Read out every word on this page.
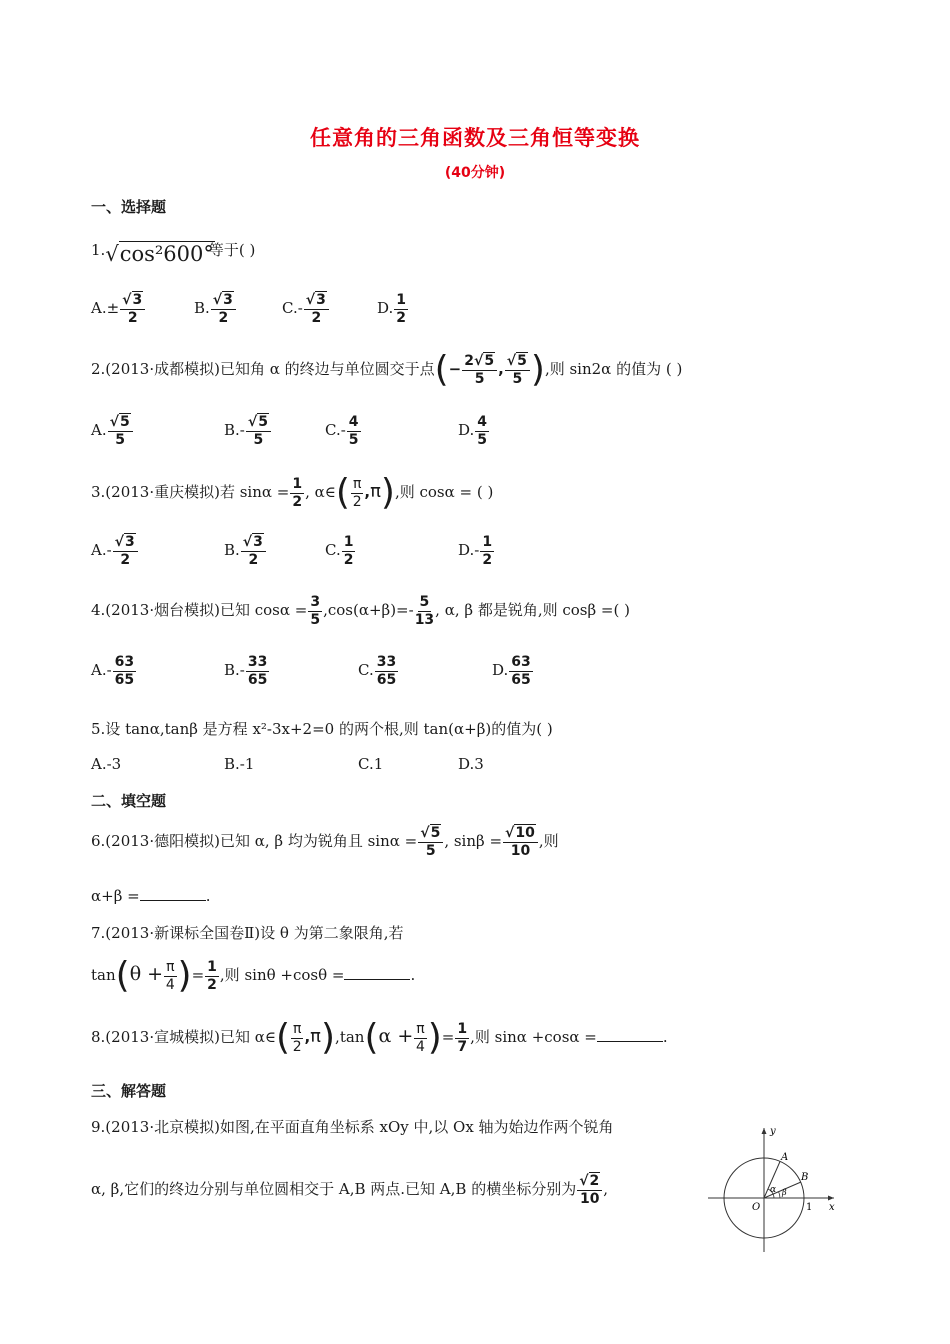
任意角的三角函数及三角恒等变换
(40分钟)
一、选择题
1.√cos²600°等于( )
$A.\pm \frac{√3}{2}$	B. $\frac{√3}{2}$	$C.- \frac{√3}{2}$	D. $\frac{1}{2}$
2.(2013·成都模拟)已知角 α 的终边与单位圆交于点(− $\frac{2√5}{5}$ , $\frac{√5}{5}$ ),则 sin2α 的值为 ( )
A. $\frac{√5}{5}$	$B.- \frac{√5}{5}$	$C.- \frac{4}{5}$	D. $\frac{4}{5}$
3.(2013·重庆模拟)若 $\sin\alpha = \frac{1}{2}$ , α∈( $\frac{\pi}{2} ,\pi$),则 cosα = ( )
$A.- \frac{√3}{2}$	B. $\frac{√3}{2}$	C. $\frac{1}{2}$	$D.- \frac{1}{2}$
4.(2013·烟台模拟)已知 $\cos\alpha = \frac{3}{5} ,\cos(\alpha+\beta)=- \frac{5}{13}$ , α, β 都是锐角,则 cosβ =( )
$A.- \frac{63}{65}$	$B.- \frac{33}{65}$	C. $\frac{33}{65}$	D. $\frac{63}{65}$
5.设 tanα,tanβ 是方程 x²-3x+2=0 的两个根,则 tan(α+β)的值为( )
A.-3	B.-1	C.1	D.3
二、填空题
6.(2013·德阳模拟)已知 α, β 均为锐角且 $\sin\alpha = \frac{√5}{5}$ , $\sin\beta = \frac{√10}{10}$ ,则
α+β =	.
7.(2013·新课标全国卷Ⅱ)设 θ 为第二象限角,若
$\tan(\theta + \frac{\pi}{4}$ )= $\frac{1}{2}$ ,则 sinθ +cosθ =	.
8.(2013·宣城模拟)已知 α∈( $\frac{\pi}{2} ,\pi),\tan(\alpha + \frac{\pi}{4}$ )= $\frac{1}{7}$ ,则 sinα +cosα =	.
三、解答题
9.(2013·北京模拟)如图,在平面直角坐标系 xOy 中,以 Ox 轴为始边作两个锐角
α, β,它们的终边分别与单位圆相交于 A,B 两点.已知 A,B 的横坐标分别为 $\frac{√2}{10}$ ,
y
x
O	1
A
B
α β
